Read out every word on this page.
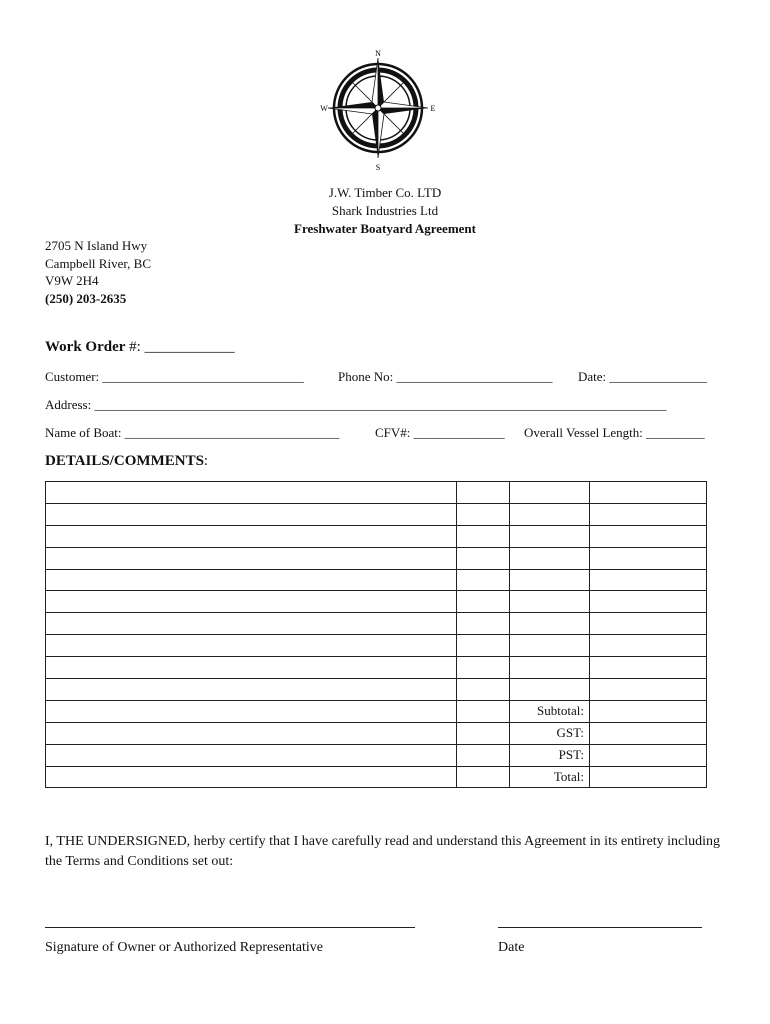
N
S
E
W
J.W. Timber Co. LTD
Shark Industries Ltd
Freshwater Boatyard Agreement
2705 N Island Hwy
Campbell River, BC
V9W 2H4
(250) 203-2635
Work Order #: ____________
Customer: _______________________________	Phone No: ________________________ Date: _______________
Address: ________________________________________________________________________________________
Name of Boat: _________________________________	CFV#: ______________ Overall Vessel Length: _________
DETAILS/COMMENTS:

		Subtotal:	
		GST:	
		PST:	
		Total:	
I, THE UNDERSIGNED, herby certify that I have carefully read and understand this Agreement in its entirety including the Terms and Conditions set out:
Signature of Owner or Authorized Representative	Date
